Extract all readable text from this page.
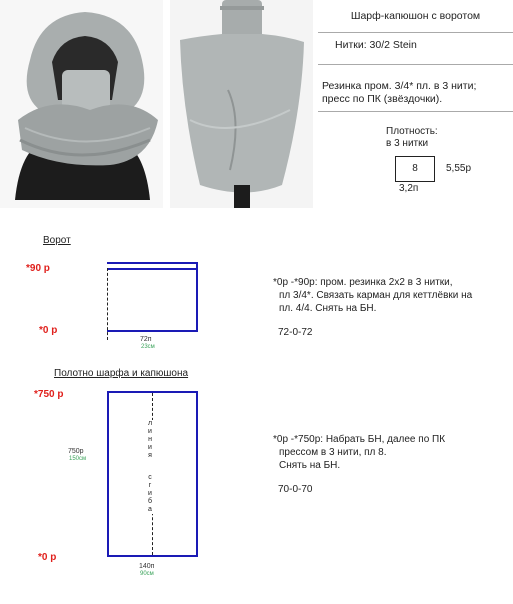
Шарф-капюшон с воротом
Нитки: 30/2 Stein
Резинка пром. 3/4* пл. в 3 нити;
пресс по ПК (звёздочки).
Плотность:
в 3 нитки
8	5,55р
3,2п
Ворот
*90 р
*0 р
72п
23см
*0р -*90р: пром. резинка 2х2 в 3 нитки,
пл 3/4*. Связать карман для кеттлёвки на
пл. 4/4. Снять на БН.
72-0-72
Полотно шарфа и капюшона
*750 р
*0 р
линия
сгиба
750р
150см
140п
90см
*0р -*750р: Набрать БН, далее по ПК
прессом в 3 нити, пл 8.
Снять на БН.
70-0-70
